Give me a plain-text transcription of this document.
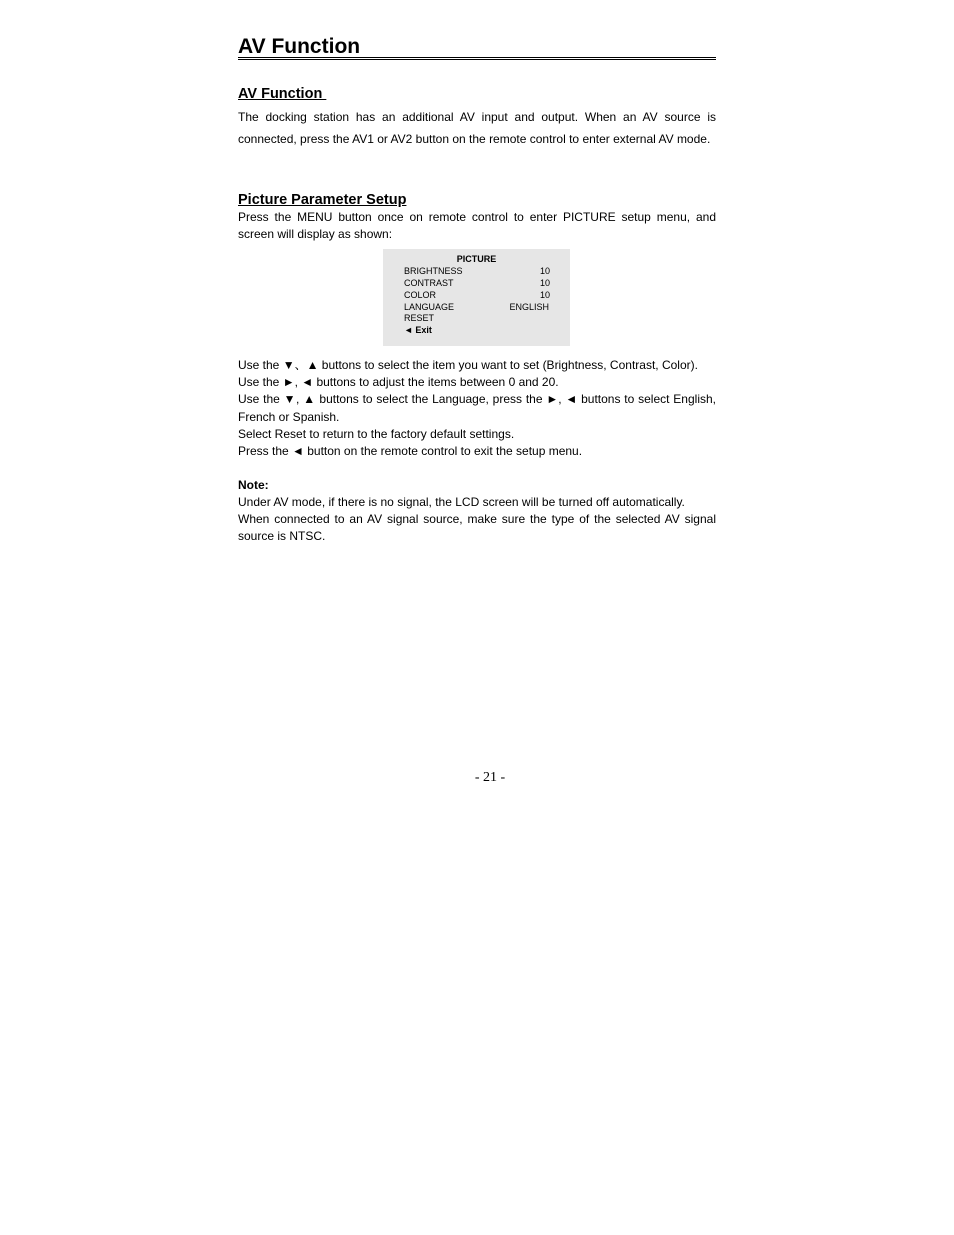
AV Function
AV Function

The docking station has an additional AV input and output. When an AV source is connected, press the AV1 or AV2 button on the remote control to enter external AV mode.

Picture Parameter Setup

Press the MENU button once on remote control to enter PICTURE setup menu, and screen will display as shown:

PICTURE
BRIGHTNESS	10
CONTRAST	10
COLOR	10
LANGUAGE	ENGLISH
RESET
◄ Exit
Use the ▼、▲ buttons to select the item you want to set (Brightness, Contrast, Color).
Use the ►, ◄ buttons to adjust the items between 0 and 20.
Use the ▼, ▲ buttons to select the Language, press the ►, ◄ buttons to select English, French or Spanish.
Select Reset to return to the factory default settings.
Press the ◄ button on the remote control to exit the setup menu.

Note:

Under AV mode, if there is no signal, the LCD screen will be turned off automatically.
When connected to an AV signal source, make sure the type of the selected AV signal source is NTSC.
- 21 -
